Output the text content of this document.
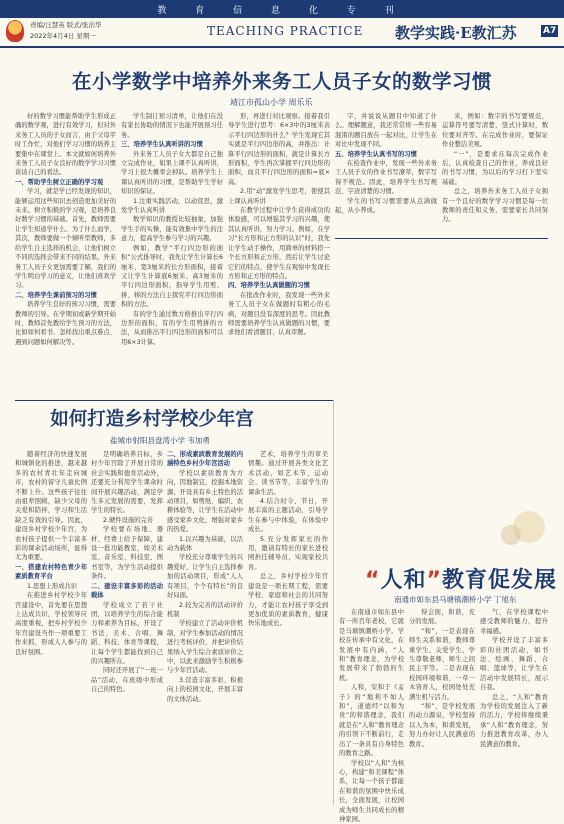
教 育 信 息 化 专 刊
责编/汪慧英 版式/张治华
2022年4月4日 星期一	TEACHING PRACTICE 教学实践·E教汇苏	A7
在小学数学中培养外来务工人员子女的数学习惯
靖江市孤山小学 周乐乐

好的数学习惯能帮助学生形成正确的数学观，进行有效学习，但对外来务工人员的子女而言，由于父母平时工作忙，对他们学习习惯的培养主要集中在课堂上。本文就如何培养外来务工人员子女良好的数学学习习惯谈谈自己的看法。

一、帮助学生树立正确的学习观

学习，就是学已经发现的知识，能够运用这些知识去创造更加美好的未来。树立积极的学习观，是培养良好数学习惯的基础。首先，教师需要让学生知道学什么、为了什么而学，其次，教师要做一个倾听型教师，多给学生自主选择的机会，让他们树立不同的选择会带来不同的结果。外来务工人员子女更加需要了解，我们的学生明白学习的意义，让他们喜欢学习。

二、培养学生课前预习的习惯

培养学生良好的预习习惯，需要教师的引导。在学期初或新学期开始时，教师首先教给学生预习的方法，比如如何看书、怎样找出重点难点、遇到问题如何解决等。

学生制订预习清单，让他们在没有家长协助的情况下也能开展预习任务。

三、培养学生认真听讲的习惯

外来务工人员子女大都是自己独立完成作业，如果上课不认真听讲，学习上很大概率会掉队。培养学生上课认真听讲的习惯，是帮助学生学好知识的保证。

1.注重实践活动，以动促思，激发学生认真听讲

数学知识的教授比较抽象，加强学生手的实操，能有效集中学生的注意力，提高学生参与学习的兴趣。

例如，教学“平行四边形的面积”公式推导时，我先让学生计算长6厘米、宽3厘米的长方形面积，接着又让学生计算底6厘米、高3厘米的平行四边形面积，指导学生用剪、拼、移的方法自主探究平行四边形面积的方法。

有的学生通过数方格推出平行四边形的面积，有的学生用剪拼的方法，从而推出平行四边形的面积可以用6×3计算。

形，再进行对比观察。接着我引导学生进行思考：6×3中的3厘米表示平行四边形的什么？学生发现它其实就是平行四边形的高，并推出：计算平行四边形的面积，就是计算长方形面积，学生再次掌握平行四边形的面积，而且平行四边形的面积=底×高。

2.用“动”激发学生思考，使使其上课认真听讲

在教学过程中让学生获得成功的体验感，可以增强其学习的兴趣，使其认真听讲，努力学习。例如，在学习“长方形和正方形的认识”时，我先让学生动手操作，用简单的材料搭一个长方形和正方形，然后让学生讨论它们的特点，使学生在观察中发现长方形和正方形的特点。

四、培养学生认真做题的习惯

在批改作业时，我发现一些外来务工人员子女在做题时有粗心的毛病，对题目没有深度的思考。因此教师需要培养学生认真做题的习惯，要求他们看清题目、认真审题。

字，并说说从题目中知道了什么。理解题意，我还常常将一些容易混淆的题目放在一起对比，让学生在对比中发现不同。

五、培养学生认真书写的习惯

在检查作业中，发现一些外来务工人员子女的作业书写潦草，数字写得不规范。因此，培养学生书写规范、字迹清楚的习惯。

学生的书写习惯需要从点滴做起，从小养成。

来，例如：数字的书写要规范，运算符号要写清楚，竖式计算时，数位要对齐等。在完成作业时，要保证作业整洁美观。

“一”，是要求在每次完成作业后，认真检查自己的作业，养成良好的书写习惯，为以后的学习打下坚实基础。

总之，培养外来务工人员子女拥有一个良好的数学学习习惯是每一位教师的责任和义务，需要家长共同努力。

如何打造乡村学校少年宫
盐城市射阳县盘湾小学 韦加勇

随着经济的快速发展和城镇化的推进，越来越多的农村青壮年走向城市，农村的留守儿童比例不断上升。这些孩子往往由祖辈照顾，缺少父母的关爱和陪伴，学习和生活缺乏有效的引导。因此，建设乡村学校少年宫，为农村孩子提供一个丰富多彩的课余活动场所，显得尤为重要。

一、搭建农村特色青少年素质教育平台

1.思想上形成共识

在推进乡村学校少年宫建设中，首先要在思想上达成共识，学校领导应高度重视，把乡村学校少年宫建设当作一项重要工作来抓，形成人人参与的良好氛围。

是明确培养目标，乡村少年宫除了开展日常的社会实践和德育活动外，还要充分利用学生课余时间开展兴趣活动，满足学生多元发展的需要，发挥学生的特长。

2.硬件设施的完善

学校要在场地、器材、经费上给予保障，建设一批功能教室，如美术室、音乐室、科技室、图书室等，为学生活动提供条件。

二、建设丰富多彩的活动载体

学校成立了若干社团，以培养学生的综合能力和素养为目标，开设了书法、美术、合唱、舞蹈、科技、体育等课程，让每个学生都能找到自己的兴趣所在。

同时还开展了“一班一品”活动，在班级中形成自己的特色。

二、形成素质教育发展的内涵特色乡村少年宫活动

学校以素质教育为方向，因地制宜，挖掘本地资源，开设具有乡土特色的活动项目，如剪纸、编织、农耕体验等，让学生在活动中感受家乡文化，增强对家乡的热爱。

1.以兴趣为基础，以活动为载体

学校充分尊重学生的兴趣爱好，让学生自主选择参加的活动项目，形成“人人有项目，个个有特长”的良好局面。

2.较为完善的活动评价机制

学校建立了活动评价机制，对学生参加活动的情况进行考核评价，并把评价结果纳入学生综合素质评价之中，以此来激励学生积极参与少年宫活动。

3.营造丰富多彩、积极向上的校园文化，开展丰富的文体活动。

艺术，培养学生的审美情趣。通过开展各类文化艺术活动，如艺术节、运动会、读书节等，丰富学生的课余生活。

4.结合时令、节日，开展丰富的主题活动，引导学生在参与中体验，在体验中成长。

5.充分发挥家长的作用，邀请有特长的家长进校园担任辅导员，实现家校共育。

总之，乡村学校少年宫建设是一项长期工程，需要学校、家庭和社会的共同努力，才能让农村孩子享受到更加优质的素质教育，健康快乐地成长。

“人和”教育促发展
南通市如东县马塘镇潮桥小学 丁旭东

在南通市如东县中有一所百年老校，它就是马塘镇潮桥小学。学校在传承中有文化，在发展中有内涵，“人和”教育理念，为学校发展带来了勃勃的生机。

人和，安和于《孟子》的“地利不如人和”，道德经“以和为贵”的和谐理念，我们就是在“人和”教育理念的引领下不断前行，走出了一条具有自身特色的教育之路。

学校以“人和”为核心，构建“和美课程”体系，让每一个孩子都能在和谐的氛围中快乐成长，全面发展，让校园成为师生共同成长的精神家园。

得会面，和谐，充分的发展。

“和”，一是表现在师生关系和谐，教师尊重学生、关爱学生，学生尊敬老师，师生之间民主平等。二是表现在校园环境和谐，一草一木皆育人，校园处处充满生机与活力。

“和”，是学校发展的动力源泉，学校坚持以人为本，和谐发展，努力办好让人民满意的教育。

气，在学校课程中感受教师的魅力，提升幸福感。

学校开设了丰富多彩的社团活动，如书法、绘画、舞蹈、合唱、篮球等，让学生在活动中发展特长，展示自我。

总之，“人和”教育为学校的发展注入了新的活力，学校将继续秉承“人和”教育理念，努力推进教育改革，办人民满意的教育。
